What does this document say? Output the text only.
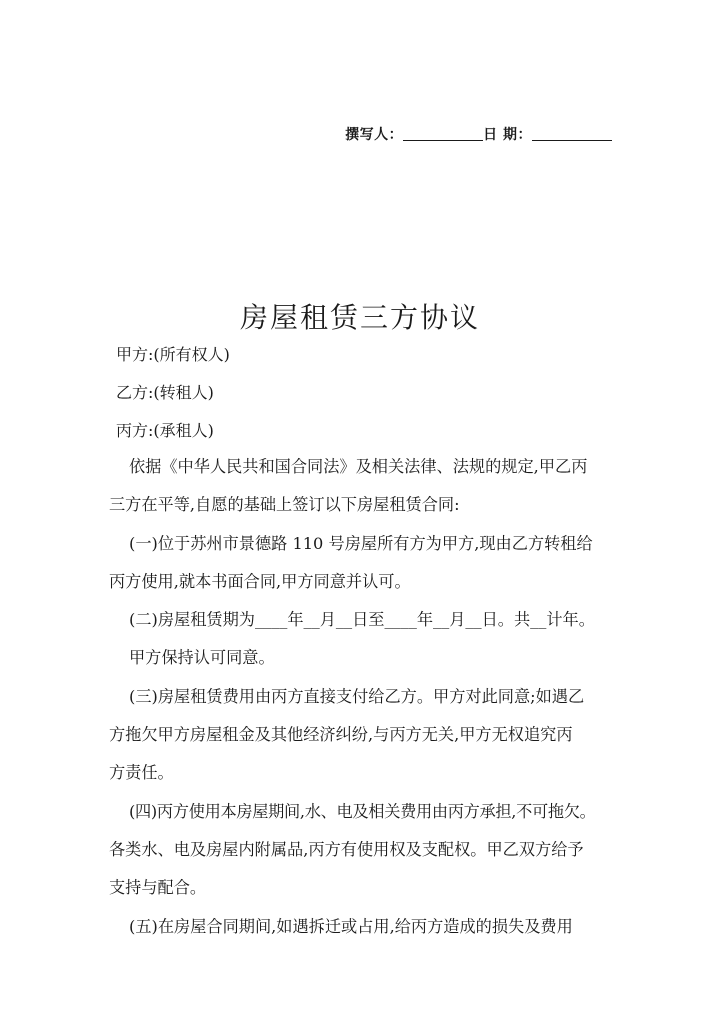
撰写人：	日 期：
房屋租赁三方协议
甲方:(所有权人)
乙方:(转租人)
丙方:(承租人)

依据《中华人民共和国合同法》及相关法律、法规的规定,甲乙丙

三方在平等,自愿的基础上签订以下房屋租赁合同:

(一)位于苏州市景德路 110 号房屋所有方为甲方,现由乙方转租给

丙方使用,就本书面合同,甲方同意并认可。

(二)房屋租赁期为____年__月__日至____年__月__日。共__计年。

甲方保持认可同意。

(三)房屋租赁费用由丙方直接支付给乙方。甲方对此同意;如遇乙

方拖欠甲方房屋租金及其他经济纠纷,与丙方无关,甲方无权追究丙

方责任。

(四)丙方使用本房屋期间,水、电及相关费用由丙方承担,不可拖欠。

各类水、电及房屋内附属品,丙方有使用权及支配权。甲乙双方给予

支持与配合。

(五)在房屋合同期间,如遇拆迁或占用,给丙方造成的损失及费用
